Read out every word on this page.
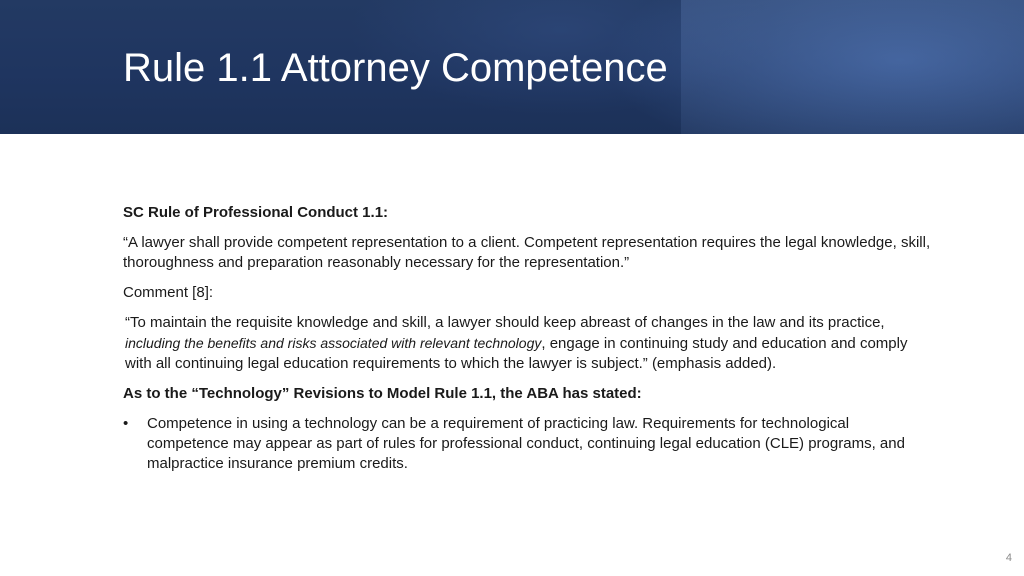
Rule 1.1 Attorney Competence

SC Rule of Professional Conduct 1.1:

“A lawyer shall provide competent representation to a client. Competent representation requires the legal knowledge, skill, thoroughness and preparation reasonably necessary for the representation.”

Comment [8]:

“To maintain the requisite knowledge and skill, a lawyer should keep abreast of changes in the law and its practice, including the benefits and risks associated with relevant technology, engage in continuing study and education and comply with all continuing legal education requirements to which the lawyer is subject.” (emphasis added).

As to the “Technology” Revisions to Model Rule 1.1, the ABA has stated:

• Competence in using a technology can be a requirement of practicing law. Requirements for technological competence may appear as part of rules for professional conduct, continuing legal education (CLE) programs, and malpractice insurance premium credits.

4
